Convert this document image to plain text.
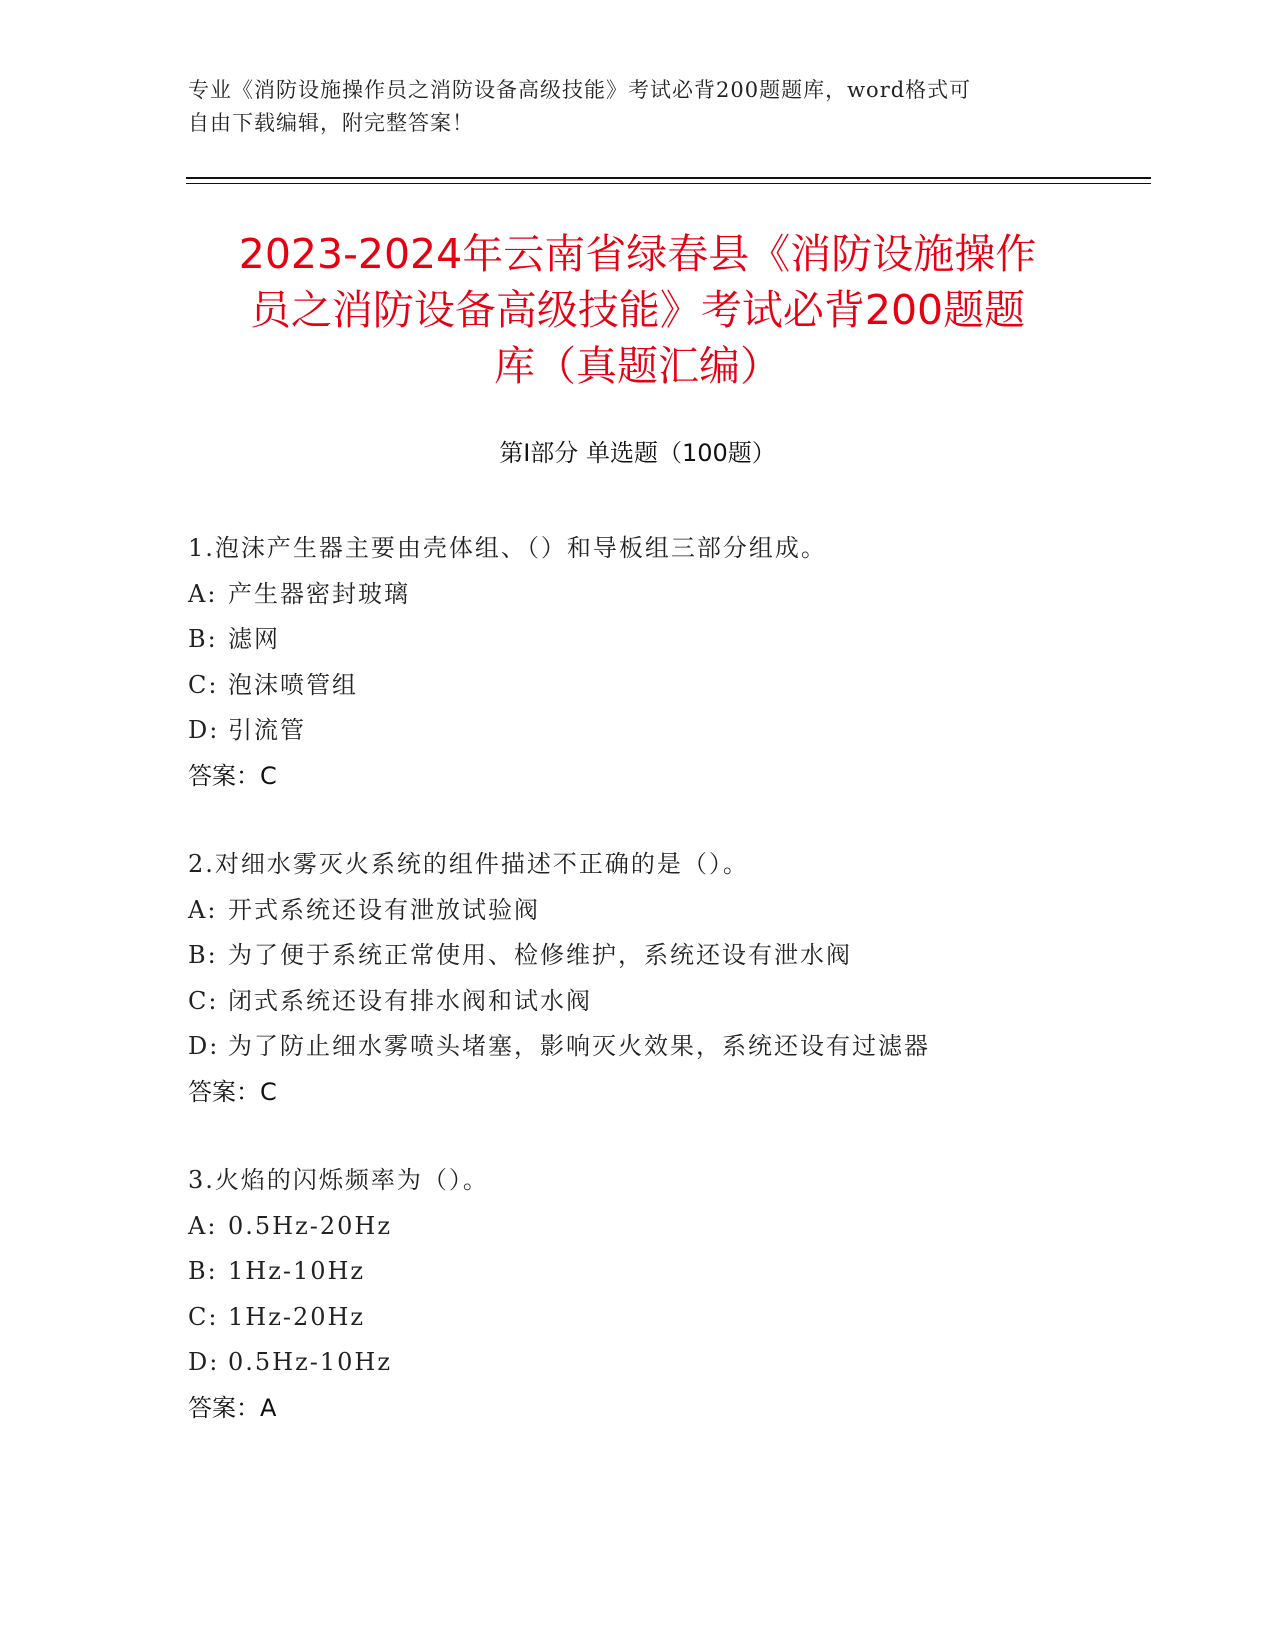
专业《消防设施操作员之消防设备高级技能》考试必背200题题库，word格式可
自由下载编辑，附完整答案！
2023-2024年云南省绿春县《消防设施操作
员之消防设备高级技能》考试必背200题题
库（真题汇编）
第Ⅰ部分 单选题（100题）
1.泡沫产生器主要由壳体组、（）和导板组三部分组成。
A: 产生器密封玻璃
B: 滤网
C: 泡沫喷管组
D: 引流管
答案：C
2.对细水雾灭火系统的组件描述不正确的是（）。
A: 开式系统还设有泄放试验阀
B: 为了便于系统正常使用、检修维护，系统还设有泄水阀
C: 闭式系统还设有排水阀和试水阀
D: 为了防止细水雾喷头堵塞，影响灭火效果，系统还设有过滤器
答案：C
3.火焰的闪烁频率为（）。
A: 0.5Hz-20Hz
B: 1Hz-10Hz
C: 1Hz-20Hz
D: 0.5Hz-10Hz
答案：A
